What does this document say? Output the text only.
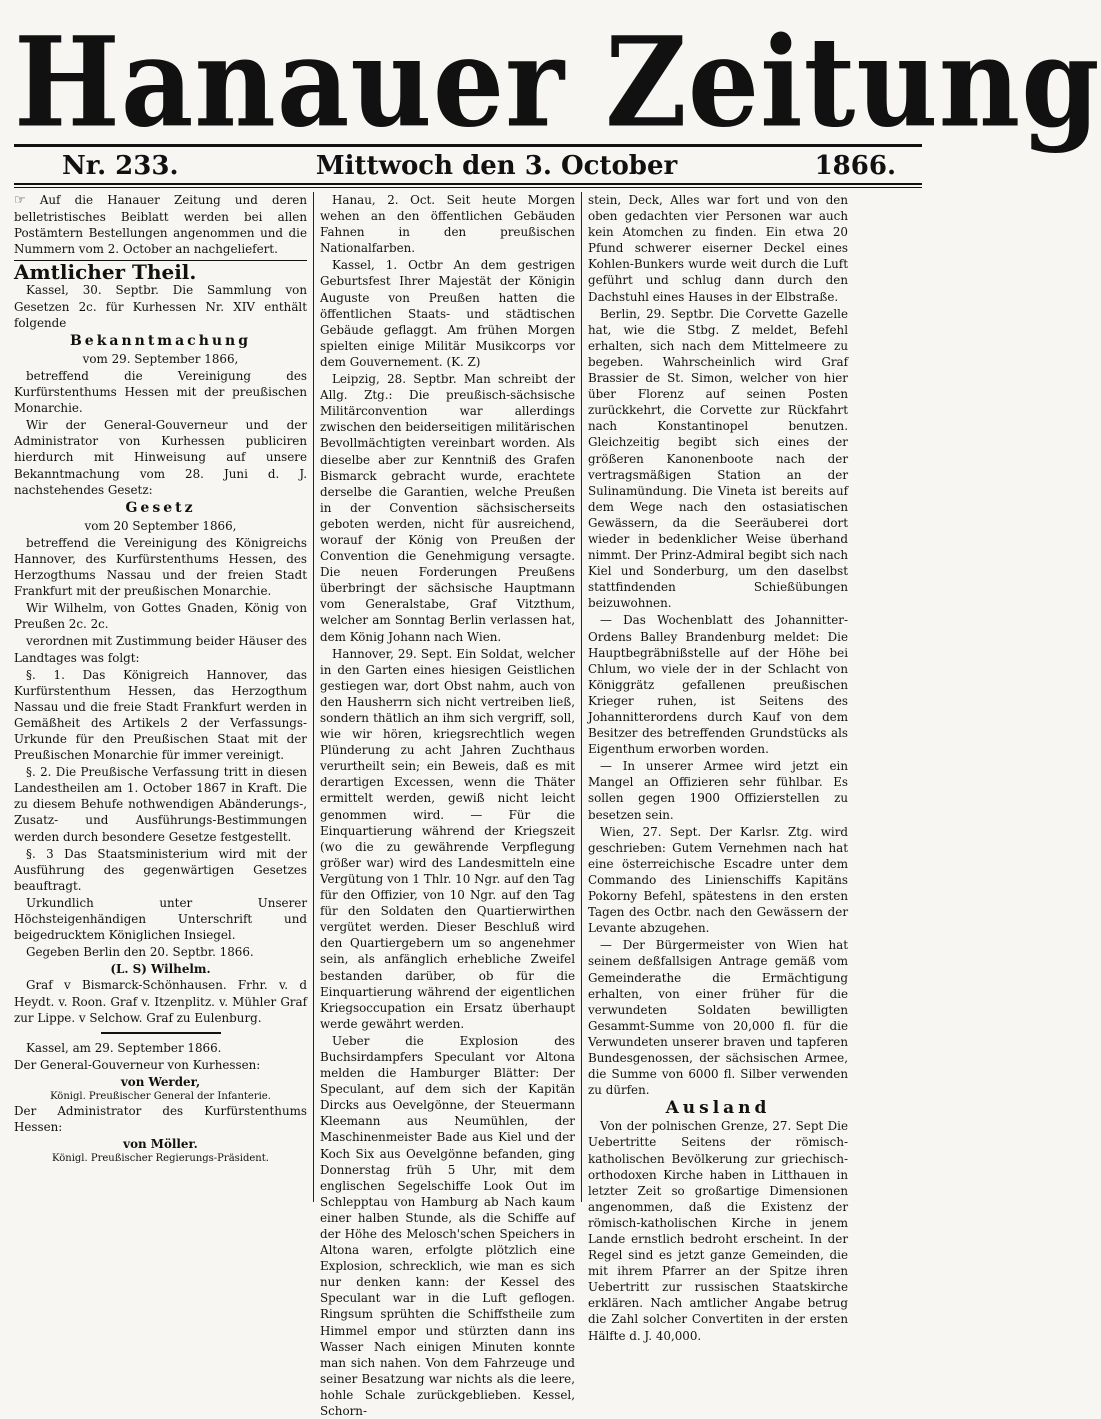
Hanauer Zeitung
Nr. 233.	Mittwoch den 3. October	1866.

☞ Auf die Hanauer Zeitung und deren belletristisches Beiblatt werden bei allen Postämtern Bestellungen angenommen und die Nummern vom 2. October an nachgeliefert.

Amtlicher Theil.

Kassel, 30. Septbr. Die Sammlung von Gesetzen 2c. für Kurhessen Nr. XIV enthält folgende

Bekanntmachung

vom 29. September 1866,

betreffend die Vereinigung des Kurfürstenthums Hessen mit der preußischen Monarchie.

Wir der General-Gouverneur und der Administrator von Kurhessen publiciren hierdurch mit Hinweisung auf unsere Bekanntmachung vom 28. Juni d. J. nachstehendes Gesetz:

Gesetz

vom 20 September 1866,

betreffend die Vereinigung des Königreichs Hannover, des Kurfürstenthums Hessen, des Herzogthums Nassau und der freien Stadt Frankfurt mit der preußischen Monarchie.

Wir Wilhelm, von Gottes Gnaden, König von Preußen 2c. 2c.

verordnen mit Zustimmung beider Häuser des Landtages was folgt:

§. 1. Das Königreich Hannover, das Kurfürstenthum Hessen, das Herzogthum Nassau und die freie Stadt Frankfurt werden in Gemäßheit des Artikels 2 der Verfassungs-Urkunde für den Preußischen Staat mit der Preußischen Monarchie für immer vereinigt.

§. 2. Die Preußische Verfassung tritt in diesen Landestheilen am 1. October 1867 in Kraft. Die zu diesem Behufe nothwendigen Abänderungs-, Zusatz- und Ausführungs-Bestimmungen werden durch besondere Gesetze festgestellt.

§. 3 Das Staatsministerium wird mit der Ausführung des gegenwärtigen Gesetzes beauftragt.

Urkundlich unter Unserer Höchsteigenhändigen Unterschrift und beigedrucktem Königlichen Insiegel.

Gegeben Berlin den 20. Septbr. 1866.

(L. S) Wilhelm.

Graf v Bismarck-Schönhausen. Frhr. v. d Heydt. v. Roon. Graf v. Itzenplitz. v. Mühler Graf zur Lippe. v Selchow. Graf zu Eulenburg.

Kassel, am 29. September 1866.

Der General-Gouverneur von Kurhessen:

von Werder,
Königl. Preußischer General der Infanterie.

Der Administrator des Kurfürstenthums Hessen:

von Möller.
Königl. Preußischer Regierungs-Präsident.

Hanau, 2. Oct. Seit heute Morgen wehen an den öffentlichen Gebäuden Fahnen in den preußischen Nationalfarben.

Kassel, 1. Octbr An dem gestrigen Geburtsfest Ihrer Majestät der Königin Auguste von Preußen hatten die öffentlichen Staats- und städtischen Gebäude geflaggt. Am frühen Morgen spielten einige Militär Musikcorps vor dem Gouvernement. (K. Z)

Leipzig, 28. Septbr. Man schreibt der Allg. Ztg.: Die preußisch-sächsische Militärconvention war allerdings zwischen den beiderseitigen militärischen Bevollmächtigten vereinbart worden. Als dieselbe aber zur Kenntniß des Grafen Bismarck gebracht wurde, erachtete derselbe die Garantien, welche Preußen in der Convention sächsischerseits geboten werden, nicht für ausreichend, worauf der König von Preußen der Convention die Genehmigung versagte. Die neuen Forderungen Preußens überbringt der sächsische Hauptmann vom Generalstabe, Graf Vitzthum, welcher am Sonntag Berlin verlassen hat, dem König Johann nach Wien.

Hannover, 29. Sept. Ein Soldat, welcher in den Garten eines hiesigen Geistlichen gestiegen war, dort Obst nahm, auch von den Hausherrn sich nicht vertreiben ließ, sondern thätlich an ihm sich vergriff, soll, wie wir hören, kriegsrechtlich wegen Plünderung zu acht Jahren Zuchthaus verurtheilt sein; ein Beweis, daß es mit derartigen Excessen, wenn die Thäter ermittelt werden, gewiß nicht leicht genommen wird. — Für die Einquartierung während der Kriegszeit (wo die zu gewährende Verpflegung größer war) wird des Landesmitteln eine Vergütung von 1 Thlr. 10 Ngr. auf den Tag für den Offizier, von 10 Ngr. auf den Tag für den Soldaten den Quartierwirthen vergütet werden. Dieser Beschluß wird den Quartiergebern um so angenehmer sein, als anfänglich erhebliche Zweifel bestanden darüber, ob für die Einquartierung während der eigentlichen Kriegsoccupation ein Ersatz überhaupt werde gewährt werden.

Ueber die Explosion des Buchsirdampfers Speculant vor Altona melden die Hamburger Blätter: Der Speculant, auf dem sich der Kapitän Dircks aus Oevelgönne, der Steuermann Kleemann aus Neumühlen, der Maschinenmeister Bade aus Kiel und der Koch Six aus Oevelgönne befanden, ging Donnerstag früh 5 Uhr, mit dem englischen Segelschiffe Look Out im Schlepptau von Hamburg ab Nach kaum einer halben Stunde, als die Schiffe auf der Höhe des Melosch'schen Speichers in Altona waren, erfolgte plötzlich eine Explosion, schrecklich, wie man es sich nur denken kann: der Kessel des Speculant war in die Luft geflogen. Ringsum sprühten die Schiffstheile zum Himmel empor und stürzten dann ins Wasser Nach einigen Minuten konnte man sich nahen. Von dem Fahrzeuge und seiner Besatzung war nichts als die leere, hohle Schale zurückgeblieben. Kessel, Schorn-

stein, Deck, Alles war fort und von den oben gedachten vier Personen war auch kein Atomchen zu finden. Ein etwa 20 Pfund schwerer eiserner Deckel eines Kohlen-Bunkers wurde weit durch die Luft geführt und schlug dann durch den Dachstuhl eines Hauses in der Elbstraße.

Berlin, 29. Septbr. Die Corvette Gazelle hat, wie die Stbg. Z meldet, Befehl erhalten, sich nach dem Mittelmeere zu begeben. Wahrscheinlich wird Graf Brassier de St. Simon, welcher von hier über Florenz auf seinen Posten zurückkehrt, die Corvette zur Rückfahrt nach Konstantinopel benutzen. Gleichzeitig begibt sich eines der größeren Kanonenboote nach der vertragsmäßigen Station an der Sulinamündung. Die Vineta ist bereits auf dem Wege nach den ostasiatischen Gewässern, da die Seeräuberei dort wieder in bedenklicher Weise überhand nimmt. Der Prinz-Admiral begibt sich nach Kiel und Sonderburg, um den daselbst stattfindenden Schießübungen beizuwohnen.

— Das Wochenblatt des Johannitter-Ordens Balley Brandenburg meldet: Die Hauptbegräbnißstelle auf der Höhe bei Chlum, wo viele der in der Schlacht von Königgrätz gefallenen preußischen Krieger ruhen, ist Seitens des Johannitterordens durch Kauf von dem Besitzer des betreffenden Grundstücks als Eigenthum erworben worden.

— In unserer Armee wird jetzt ein Mangel an Offizieren sehr fühlbar. Es sollen gegen 1900 Offizierstellen zu besetzen sein.

Wien, 27. Sept. Der Karlsr. Ztg. wird geschrieben: Gutem Vernehmen nach hat eine österreichische Escadre unter dem Commando des Linienschiffs Kapitäns Pokorny Befehl, spätestens in den ersten Tagen des Octbr. nach den Gewässern der Levante abzugehen.

— Der Bürgermeister von Wien hat seinem deßfallsigen Antrage gemäß vom Gemeinderathe die Ermächtigung erhalten, von einer früher für die verwundeten Soldaten bewilligten Gesammt-Summe von 20,000 fl. für die Verwundeten unserer braven und tapferen Bundesgenossen, der sächsischen Armee, die Summe von 6000 fl. Silber verwenden zu dürfen.

Ausland

Von der polnischen Grenze, 27. Sept Die Uebertritte Seitens der römisch-katholischen Bevölkerung zur griechisch-orthodoxen Kirche haben in Litthauen in letzter Zeit so großartige Dimensionen angenommen, daß die Existenz der römisch-katholischen Kirche in jenem Lande ernstlich bedroht erscheint. In der Regel sind es jetzt ganze Gemeinden, die mit ihrem Pfarrer an der Spitze ihren Uebertritt zur russischen Staatskirche erklären. Nach amtlicher Angabe betrug die Zahl solcher Convertiten in der ersten Hälfte d. J. 40,000.
